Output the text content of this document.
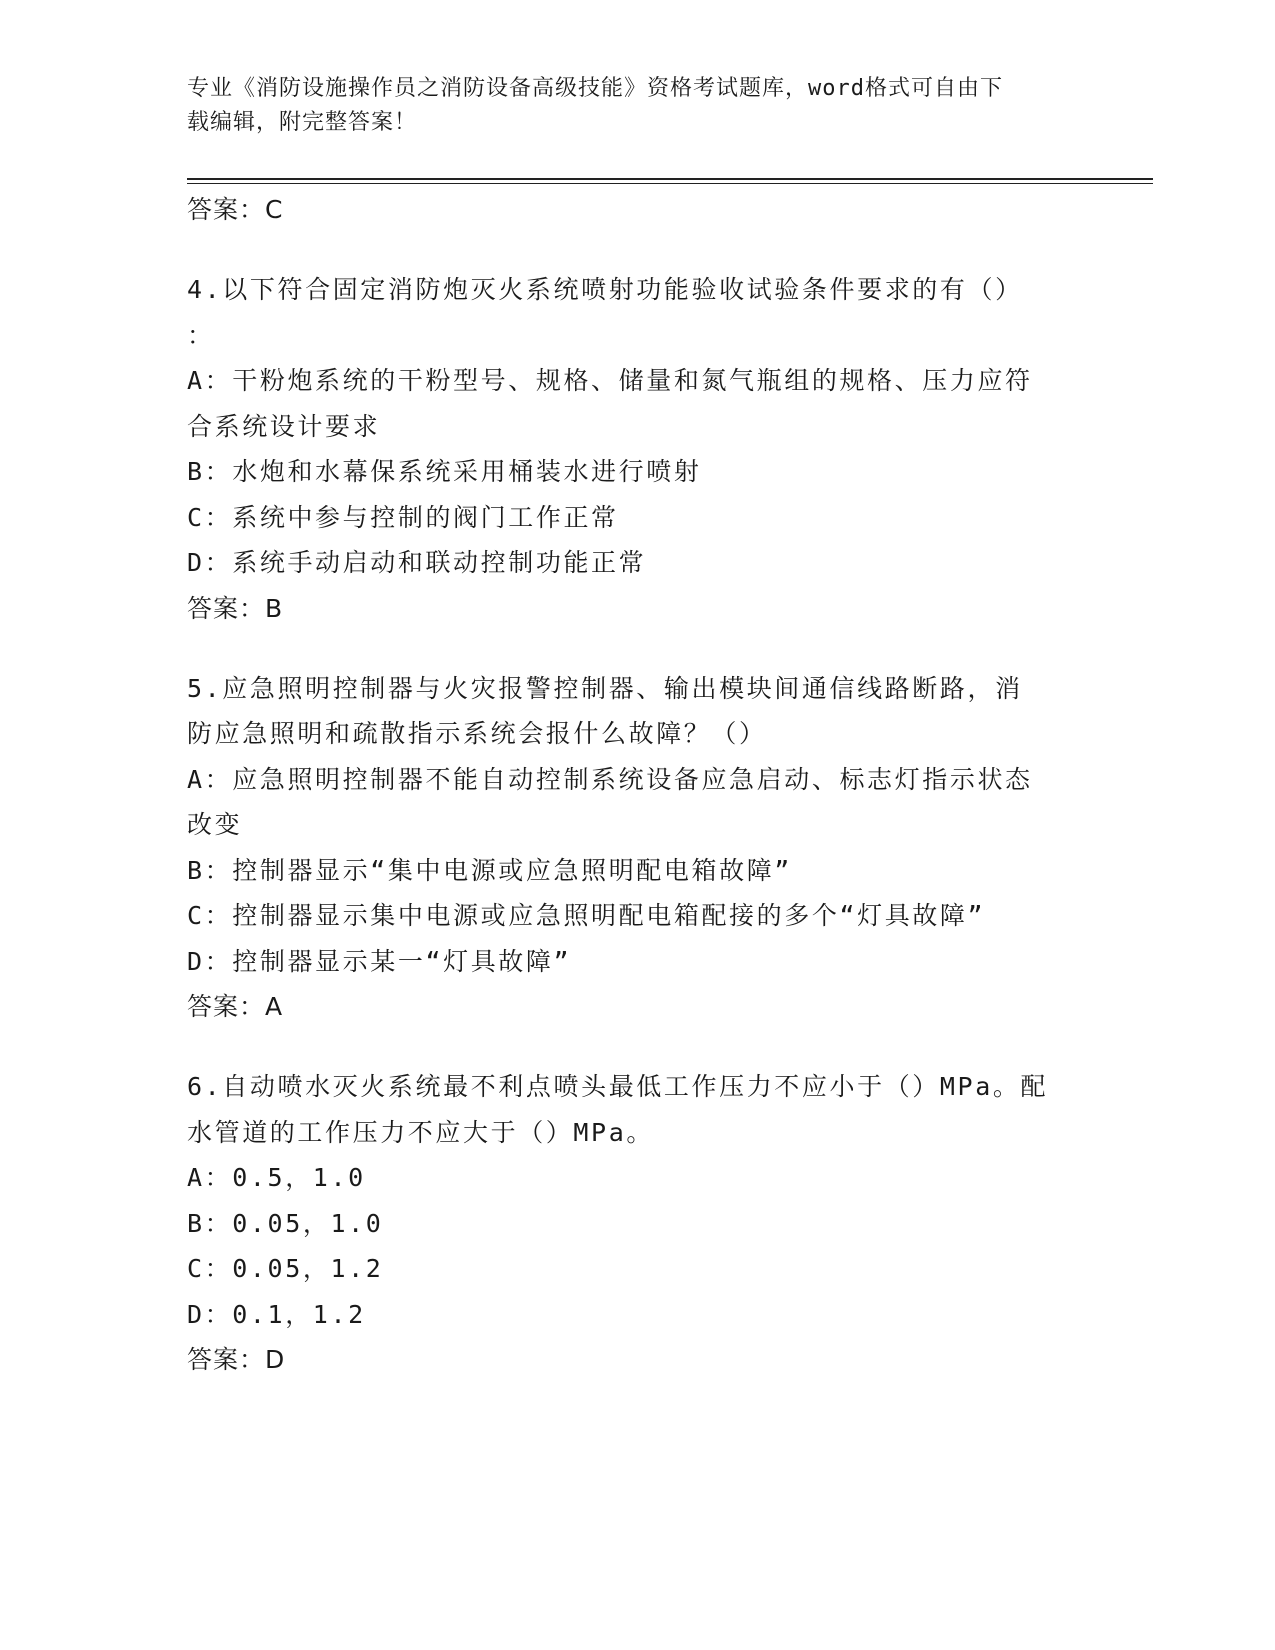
专业《消防设施操作员之消防设备高级技能》资格考试题库，word格式可自由下
载编辑，附完整答案！

答案：C

4.以下符合固定消防炮灭火系统喷射功能验收试验条件要求的有（）

：

A：干粉炮系统的干粉型号、规格、储量和氮气瓶组的规格、压力应符

合系统设计要求

B：水炮和水幕保系统采用桶装水进行喷射

C：系统中参与控制的阀门工作正常

D：系统手动启动和联动控制功能正常

答案：B

5.应急照明控制器与火灾报警控制器、输出模块间通信线路断路，消

防应急照明和疏散指示系统会报什么故障？（）

A：应急照明控制器不能自动控制系统设备应急启动、标志灯指示状态

改变

B：控制器显示“集中电源或应急照明配电箱故障”

C：控制器显示集中电源或应急照明配电箱配接的多个“灯具故障”

D：控制器显示某一“灯具故障”

答案：A

6.自动喷水灭火系统最不利点喷头最低工作压力不应小于（）MPa。配

水管道的工作压力不应大于（）MPa。

A：0.5，1.0

B：0.05，1.0

C：0.05，1.2

D：0.1，1.2

答案：D
